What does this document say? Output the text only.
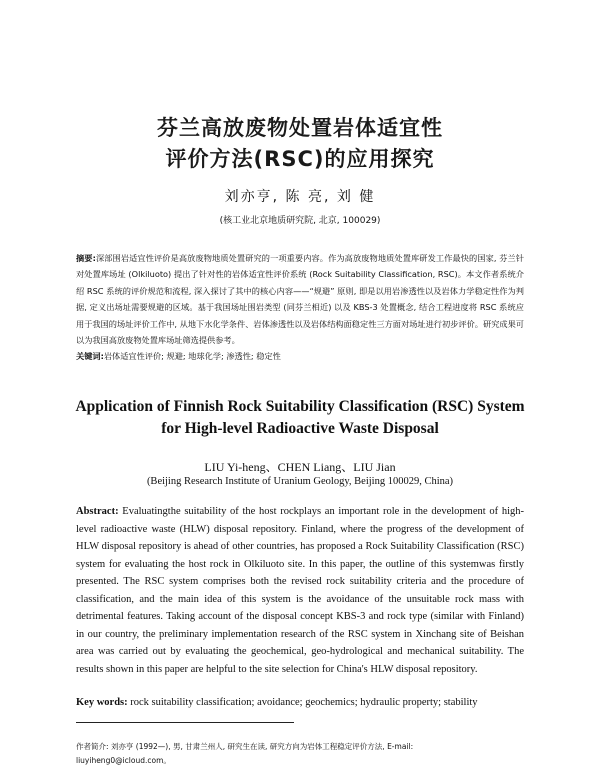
芬兰高放废物处置岩体适宜性
评价方法(RSC)的应用探究
刘亦亨, 陈 亮, 刘 健
(核工业北京地质研究院, 北京, 100029)
摘要:深部围岩适宜性评价是高放废物地质处置研究的一项重要内容。作为高放废物地质处置库研发工作最快的国家, 芬兰针对处置库场址 (Olkiluoto) 提出了针对性的岩体适宜性评价系统 (Rock Suitability Classification, RSC)。本文作者系统介绍 RSC 系统的评价规范和流程, 深入探讨了其中的核心内容——“规避” 原则, 即是以用岩渗透性以及岩体力学稳定性作为判据, 定义出场址需要规避的区域。基于我国场址围岩类型 (同芬兰相近) 以及 KBS-3 处置概念, 结合工程进度将 RSC 系统应用于我国的场址评价工作中, 从地下水化学条件、岩体渗透性以及岩体结构面稳定性三方面对场址进行初步评价。研究成果可以为我国高放废物处置库场址筛选提供参考。
关键词:岩体适宜性评价; 规避; 地球化学; 渗透性; 稳定性
Application of Finnish Rock Suitability Classification (RSC) System
for High-level Radioactive Waste Disposal
LIU Yi-heng、CHEN Liang、LIU Jian
(Beijing Research Institute of Uranium Geology, Beijing 100029, China)
Abstract: Evaluatingthe suitability of the host rockplays an important role in the development of high-level radioactive waste (HLW) disposal repository. Finland, where the progress of the development of HLW disposal repository is ahead of other countries, has proposed a Rock Suitability Classification (RSC) system for evaluating the host rock in Olkiluoto site. In this paper, the outline of this systemwas firstly presented. The RSC system comprises both the revised rock suitability criteria and the procedure of classification, and the main idea of this system is the avoidance of the unsuitable rock mass with detrimental features. Taking account of the disposal concept KBS-3 and rock type (similar with Finland) in our country, the preliminary implementation research of the RSC system in Xinchang site of Beishan area was carried out by evaluating the geochemical, geo-hydrological and mechanical suitability. The results shown in this paper are helpful to the site selection for China's HLW disposal repository.
Key words: rock suitability classification; avoidance; geochemics; hydraulic property; stability
作者简介: 刘亦亨 (1992—), 男, 甘肃兰州人, 研究生在读, 研究方向为岩体工程稳定评价方法, E-mail:
liuyiheng0@icloud.com。
